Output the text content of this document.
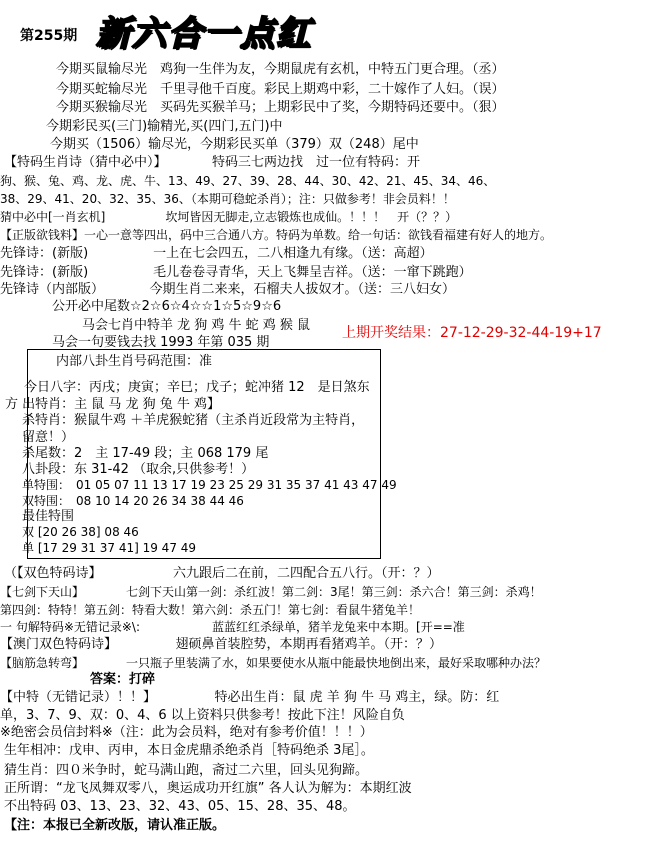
第255期 新六合一点红
今期买鼠输尽光　鸡狗一生伴为友，今期鼠虎有玄机，中特五门更合理。（丞）
今期买蛇输尽光　千里寻他千百度。彩民上期鸡中彩，二十嫁作了人妇。（误）
今期买猴输尽光　买码先买猴羊马；上期彩民中了奖，今期特码还要中。（狠）
今期彩民买(三门)输精光,买(四门,五门)中
今期买（1506）输尽光，今期彩民买单（379）双（248）尾中
【特码生肖诗（猜中必中）】　　　　特码三七两边找　过一位有特码：开
狗、猴、兔、鸡、龙、虎、牛、13、49、27、39、28、44、30、42、21、45、34、46、
38、29、41、20、32、35、36、（本期可稳蛇杀肖）；注：只做参考！非会员料！！
猜中必中[一肖玄机]　　　　　坎坷皆因无脚走,立志锻炼也成仙。！！！　开（？？）
【正版欲钱料】一心一意等四出，码中三合通八方。特码为单数。给一句话：欲钱看福建有好人的地方。
先锋诗：(新版)　　　　　一上在七会四五，二八相逢九有缘。（送：高超）
先锋诗：(新版)　　　　　毛儿卷卷寻青华，天上飞舞呈吉祥。（送：一窜下跳跑）
先锋诗（内部版）　　　　今期生肖二来来，石榴夫人拔奴才。（送：三八妇女）
公开必中尾数☆2☆6☆4☆☆1☆5☆9☆6
马会七肖中特羊 龙 狗 鸡 牛 蛇 鸡 猴 鼠 上期开奖结果：27-12-29-32-44-19+17
马会一句要钱去找 1993 年第 035 期
内部八卦生肖号码范围：准
今日八字：丙戌；庚寅；辛巳；戊子；蛇冲猪 12　是日煞东
方 出特肖：主 鼠 马 龙 狗 兔 牛 鸡】
杀特肖：猴鼠牛鸡 ＋羊虎猴蛇猪（主杀肖近段常为主特肖，
留意！）
杀尾数：2　主 17-49 段；主 068 179 尾
八卦段：东 31-42 （取余,只供参考！）
单特围：　01 05 07 11 13 17 19 23 25 29 31 35 37 41 43 47 49
双特围：　08 10 14 20 26 34 38 44 46
最佳特围
双 [20 26 38] 08 46
单 [17 29 31 37 41] 19 47 49
（【双色特码诗】　　　　　　六九跟后二在前，二四配合五八行。（开：？）
【七剑下天山】　　　　七剑下天山第一剑：杀红波！第二剑：3尾！第三剑：杀六合！第三剑：杀鸡！
第四剑：特特！第五剑：特看大数！第六剑：杀五门！第七剑：看鼠牛猪兔羊！
一 句解特码※无错记录※\:　　　　　　蓝蓝红红杀绿单，猪羊龙兔来中本期。[开==准
【澳门双色特码诗】　　　　　翅硕鼻首装腔势，本期再看猪鸡羊。（开：？）
【脑筋急转弯】　　　　一只瓶子里装满了水，如果要使水从瓶中能最快地倒出来，最好采取哪种办法？
答案：打碎
【中特（无错记录）！！】　　　　　特必出生肖：鼠 虎 羊 狗 牛 马 鸡主，绿。防：红
单，3、7、9、双：0、4、6 以上资料只供参考！按此下注！风险自负
※绝密会员信封料※（注：此为会员料，绝对有参考价值！！！）
生年相冲：戊申、丙申，本日金虎鼎杀绝杀肖［特码绝杀 3尾］。
猜生肖：四０米争时，蛇马满山跑，斋过二六里，回头见狗蹄。
正所谓：“龙飞凤舞双零八，奥运成功开红旗” 各人认为解为：本期红波
不出特码 03、13、23、32、43、05、15、28、35、48。
【注：本报已全新改版，请认准正版。
